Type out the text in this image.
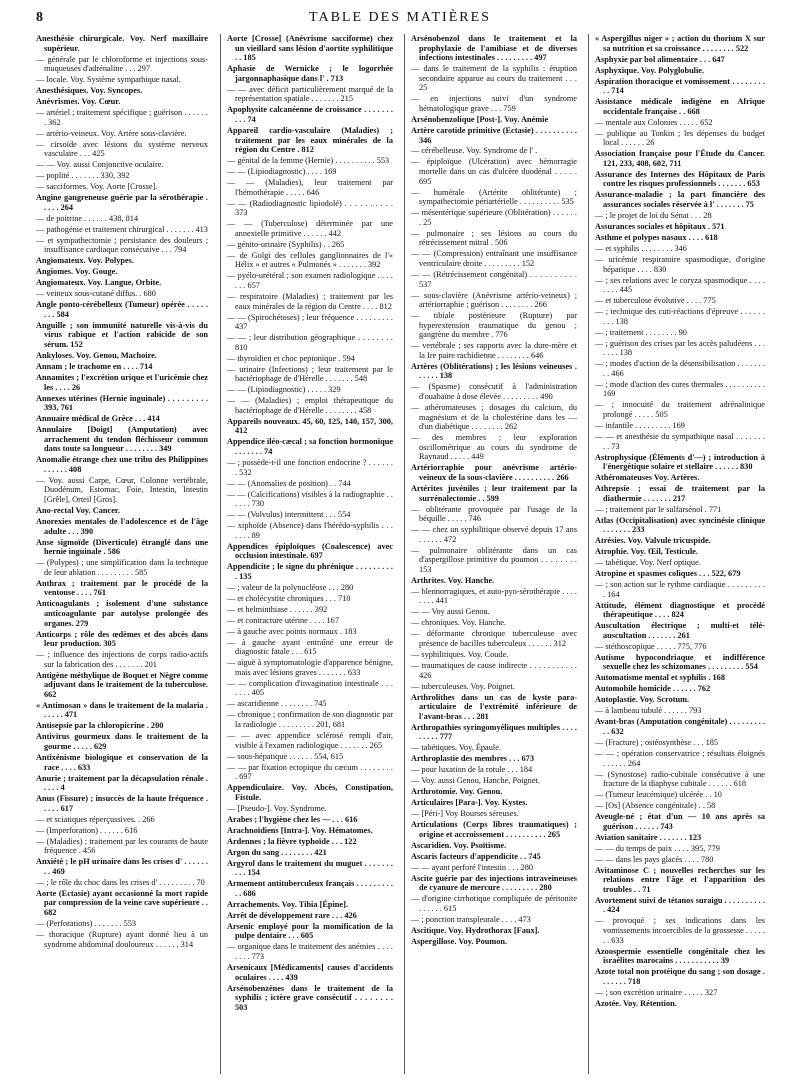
8	TABLE DES MATIÈRES
Anesthésie chirurgicale. Voy. Nerf maxillaire supérieur.
— générale par le chloroforme et injections sous-muqueuses d'adrénaline . . . 297
— locale. Voy. Système sympathique nasal.
Anesthésiques. Voy. Syncopes.
Anévrismes. Voy. Cœur.
— artériel ; traitement spécifique ; guérison . . . . . . . 362
— artério-veineux. Voy. Artère sous-clavière.
— cirsoïde avec lésions du système nerveux vasculaire . . . 425
— — Voy. aussi Conjonctive oculaire.
— poplité . . . . . . . 330, 392
— sacciformes. Voy. Aorte [Crosse].
Angine gangreneuse guérie par la sérothérapie . . . . . 264
— de poitrine . . . . . . 438, 814
— pathogénie et traitement chirurgical . . . . . . . 413
— et sympathectomie ; persistance des douleurs ; insuffisance cardiaque consécutive . . . 794
Angiomateux. Voy. Polypes.
Angiomes. Voy. Gouge.
Angiomateux. Voy. Langue, Orbite.
— veineux sous-cutané diffus. . 680
Angle ponto-cérébelleux (Tumeur) opérée . . . . . . . . 584
Anguille ; son immunité naturelle vis-à-vis du virus rabique et l'action rabicide de son sérum. 152
Ankyloses. Voy. Genou, Machoire.
Annam ; le trachome en . . . . 714
Annamites ; l'excrétion urique et l'uricémie chez les . . . . 26
Annexes utérines (Hernie inguinale) . . . . . . . . . 393, 761
Annuaire médical de Grèce . . . 414
Annulaire [Doigt] (Amputation) avec arrachement du tendon fléchisseur commun dans toute sa longueur . . . . . . . . 349
Anomalie étrange chez une tribu des Philippines . . . . . . 408
— Voy. aussi Carpe, Cœur, Colonne vertébrale, Duodénum, Estomac, Foie, Intestin, Intestin [Grêle], Orteil [Gros].
Ano-rectal Voy. Cancer.
Anorexies mentales de l'adolescence et de l'âge adulte . . . 390
Anse sigmoïde (Diverticule) étranglé dans une hernie inguinale . 586
— (Polypes) ; une simplification dans la technique de leur ablation . . . . . . . . . 585
Anthrax ; traitement par le procédé de la ventouse . . . . 761
Anticoagulants ; isolement d'une substance anticoagulante par autolyse prolongée des organes. 279
Anticorps ; rôle des œdèmes et des abcès dans leur production. 305
— ; influence des injections de corps radio-actifs sur la fabrication des . . . . . . . 201
Antigène méthylique de Boquet et Nègre comme adjuvant dans le traitement de la tuberculose. 662
« Antimosan » dans le traitement de la malaria . . . . . . 471
Antisepsie par la chloropicrine . 200
Antivirus gourmeux dans le traitement de la gourme . . . . . 629
Antixénisme biologique et conservation de la race . . . . 633
Anurie ; traitement par la décapsulation rénale . . . . . 4
Anus (Fissure) ; insuccès de la haute fréquence . . . . . 617
— et sciatiques réperçussives. . 266
— (Imperforation) . . . . . . 616
— (Maladies) ; traitement par les courants de haute fréquence . 456
Anxiété ; le pH urinaire dans les crises d' . . . . . . . . 469
— ; le rôle du choc dans les crises d' . . . . . . . . . 70
Aorte (Ectasie) ayant occasionné la mort rapide par compression de la veine cave supérieure . . 682
— (Perforations) . . . . . . . 553
— thoracique (Rupture) ayant donné lieu à un syndrome abdominal douloureux . . . . . . 314
Aorte [Crosse] (Anévrisme sacciforme) chez un vieillard sans lésion d'aortite syphilitique . . 185
Aphasie de Wernicke ; le logorrhée jargonnaphasique dans l' . 713
— — avec déficit particulièrement marqué de la représentation spatiale . . . . . . . 215
Apophysite calcanéenne de croissance . . . . . . . . . . 74
Appareil cardio-vasculaire (Maladies) ; traitement par les eaux minérales de la région du Centre . 812
— génital de la femme (Hernie) . . . . . . . . . . 553
— — (Lipiodiagnostic) . . . . 169
— — (Maladies), leur traitement par l'hémothérapie . . . . . 646
— — (Radiodiagnostic lipiodolé) . . . . . . . . . . 373
— — (Tuberculose) déterminée par une annexielle primitive . . . . . . 442
— génito-urinaire (Syphilis) . . 265
— de Golgi des cellules ganglionnaires de l'« Hélix » et autres « Pulmonés » . . . . . . . 392
— pyélo-urétéral ; son examen radiologique . . . . . . . 657
— respiratoire (Maladies) ; traitement par les eaux minérales de la région du Centre . . . . 812
— — (Spirochétoses) ; leur fréquence . . . . . . . . . 437
— — ; leur distribution géographique . . . . . . . . 810
— thyroïdien et choc peptonique . 594
— urinaire (Infections) ; leur traitement par le bactériophage de d'Hérelle . . . . . . . 548
— — (Lipiodiagnostic) . . . . . 329
— — (Maladies) ; emploi thérapeutique du bactériophage de d'Hérelle . . . . . . . . 458
Appareils nouveaux. 45, 60, 125, 140, 157, 300, 412
Appendice iléo-cæcal ; sa fonction hormonique . . . . . . . 74
— ; possède-t-il une fonction endocrine ? . . . . . . . 532
— — (Anomalies de position) . . 744
— — (Calcifications) visibles à la radiographie . . . . . . 730
— — (Volvulus) intermittent . . . 554
— xiphoïde (Absence) dans l'hérédo-syphilis . . . . . . . 89
Appendices épiploïques (Coalescence) avec occlusion intestinale. 697
Appendicite ; le signe du phrénique . . . . . . . . . . 135
— ; valeur de la polynucléose . . . 280
— et cholécystite chroniques . . . 710
— et helminthiase . . . . . . 392
— et contracture utérine . . . . 167
— à gauche avec points normaux . 183
— à gauche ayant entraîné une erreur de diagnostic fatale . . . 615
— aiguë à symptomatologie d'apparence bénigne, mais avec lésions graves . . . . . . . 633
— — complication d'invagination intestinale . . . . . . . 405
— ascaridienne . . . . . . . . 745
— chronique ; confirmation de son diagnostic par la radiologie . . . . . . . . . 201, 681
— — avec appendice sclérosé rempli d'air, visible à l'examen radiologique . . . . . . . 265
— sous-hépatique . . . . . . 554, 615
— — par fixation ectopique du cæcum . . . . . . . . . 697
Appendiculaire. Voy. Abcès, Constipation, Fistule.
— [Pseudo-]. Voy. Syndrome.
Arabes ; l'hygiène chez les — . . . 616
Arachnoïdiens [Intra-]. Voy. Hématomes.
Ardennes ; la fièvre typhoïde . . . 122
Argon du sang . . . . . . . . 421
Argyrol dans le traitement du muguet . . . . . . . . . . 154
Armement antituberculeux français . . . . . . . . . . . 686
Arrachements. Voy. Tibia [Épine].
Arrêt de développement rare . . . 426
Arsenic employé pour la momification de la pulpe dentaire . . . 605
— organique dans le traitement des anémies . . . . . . . . 773
Arsenicaux [Médicaments] causes d'accidents oculaires . . . . 439
Arsénobenzènes dans le traitement de la syphilis ; ictère grave consécutif . . . . . . . . 503
Arsénobenzol dans le traitement et la prophylaxie de l'amibiase et de diverses infections intestinales . . . . . . . . . 497
— dans le traitement de la syphilis : éruption secondaire apparue au cours du traitement . . . 25
— en injections suivi d'un syndrome hématologique grave . . . 759
Arsénobenzolique [Post-]. Voy. Anémie
Artère carotide primitive (Ectasie) . . . . . . . . . . 346
— cérébelleuse. Voy. Syndrome de l' .
— épiploïque (Ulcération) avec hémorragie mortelle dans un cas d'ulcère duodénal . . . . . 695
— humérale (Artérite oblitérante) ; sympathectomie périartérielle . . . . . . . . . . 535
— mésentérique supérieure (Oblitération) . . . . . . . 25
— pulmonaire ; ses lésions au cours du rétrécissement mitral . 506
— — (Compression) entraînant une insuffisance ventriculaire droite . . . . . . . . . 152
— — (Rétrécissement congénital) . . . . . . . . . . 537
— sous-clavière (Anévrisme artério-veineux) ; artériorraphie ; guérison . . . . . . . . 266
— tibiale postérieure (Rupture) par hyperextension traumatique du genou ; gangrène du membre . 776
— vertébrale ; ses rapports avec la dure-mère et la Ire paire rachidienne . . . . . . . . 646
Artères (Oblitérations) ; les lésions veineuses . . . . . . 138
— (Spasme) consécutif à l'administration d'ouabaïne à dose élevée . . . . . . . . . 490
— athéromateuses ; dosages du calcium, du magnésium et de la cholestérine dans les — d'un diabétique . . . . . . . . 262
— des membres ; leur exploration oscillométrique au cours du syndrome de Raynaud . . . . . 449
Artériorraphie pour anévrisme artério-veineux de la sous-clavière . . . . . . . . . . 266
Artérites juvéniles ; leur traitement par la surrénalectomie . . 599
— oblitérante provoquée par l'usage de la béquille . . . . . 746
— — chez un syphilitique observé depuis 17 ans . . . . . . 472
— pulmonaire oblitérante dans un cas d'aspergillose primitive du poumon . . . . . . . . 153
Arthrites. Voy. Hanche.
— blennorragiques, et auto-pyo-sérothérapie . . . . . . . . 441
— — Voy aussi Genou.
— chroniques. Voy. Hanche.
— déformante chronique tuberculeuse avec présence de bacilles tuberculeux . . . . . . 312
— syphilitiques. Voy. Coude.
— traumatiques de cause indirecte . . . . . . . . . . . 426
— tuberculeuses. Voy. Poignet.
Arthrolithes dans un cas de kyste para-articulaire de l'extrémité inférieure de l'avant-bras . . . 281
Arthropathies syringomyéliques multiples . . . . . . . . . 777
— tabétiques. Voy. Épaule.
Arthroplastie des membres . . . 673
— pour luxation de la rotule . . . 184
— Voy. aussi Genou, Hanche, Poignet.
Arthrotomie. Voy. Genou.
Articulaires [Para-]. Voy. Kystes.
— [Péri-] Voy Bourses séreuses.
Articulations (Corps libres traumatiques) ; origine et accroissement . . . . . . . . . . 265
Ascaridien. Voy. Psoïtisme.
Ascaris facteurs d'appendicite . . 745
— — ayant perforé l'intestin . . . 280
Ascite guérie par des injections intraveineuses de cyanure de mercure . . . . . . . . . 280
— d'origine cirrhotique compliquée de péritonite . . . . . . 615
— ; ponction transpleurale . . . . 473
Ascitique. Voy. Hydrothorax [Faux].
Aspergillose. Voy. Poumon.
« Aspergillus niger » ; action du thorium X sur sa nutrition et sa croissance . . . . . . . . 522
Asphyxie par bol alimentaire . . . 647
Asphyxique. Voy. Polyglobulie.
Aspiration thoracique et vomissement . . . . . . . . . . 714
Assistance médicale indigène en Afrique occidentale française . . 668
— mentale aux Colonies . . . . . 652
— publique au Tonkin ; les dépenses du budget local . . . . . . 26
Association française pour l'Étude du Cancer. 121, 233, 408, 602, 711
Assurance des Internes des Hôpitaux de Paris contre les risques professionnels . . . . . . . 653
Assurance-maladie ; la part financière des assurances sociales réservée à l' . . . . . . . 75
— ; le projet de loi du Sénat . . . 28
Assurances sociales et hôpitaux . 571
Asthme et polypes nasaux . . . . 618
— et syphilis . . . . . . . . 346
— uricémie respiratoire spasmodique, d'origine hépatique . . . . 830
— ; ses relations avec le coryza spasmodique . . . . . . . . 445
— et tuberculose évolutive . . . . 775
— ; technique des cuti-réactions d'épreuve . . . . . . . . . 138
— ; traitement . . . . . . . . 90
— ; guérison des crises par les accès paludéens . . . . . . . 138
— ; modes d'action de la désensibilisation . . . . . . . . . 466
— ; mode d'action des cures thermales . . . . . . . . . . 169
— ; innocuité du traitement adrénalinique prolongé . . . . . 505
— infantile . . . . . . . . . 169
— — et anesthésie du sympathique nasal . . . . . . . . . 73
Astrophysique (Éléments d'—) ; introduction à l'énergétique solaire et stellaire . . . . . . 830
Athéromateuses Voy. Artères.
Athrepsie ; essai de traitement par la diathermie . . . . . . . 217
— ; traitement par le sulfarsénol . 771
Atlas (Occipitalisation) avec syncinésie clinique . . . . . . . 233
Atrésies. Voy. Valvule tricuspide.
Atrophie. Voy. Œil, Testicule.
— tabétique. Voy. Nerf optique.
Atropine et spasmes coliques . . . 522, 679
— ; son action sur le rythme cardiaque . . . . . . . . . . 164
Attitude, élément diagnostique et procédé thérapeutique . . . . 824
Auscultation électrique ; multi-et télé-auscultation . . . . . . . 261
— stéthoscopique . . . . . 775, 776
Autisme hypocondriaque et indifférence sexuelle chez les schizomanes . . . . . . . . . 554
Automatisme mental et syphilis . 168
Automobile homicide . . . . . . 762
Autoplastie. Voy. Scrotum.
— à lambeau tubulé . . . . . . 793
Avant-bras (Amputation congénitale) . . . . . . . . . . . 632
— (Fracture) ; ostéosynthèse . . . 185
— — ; opération conservatrice ; résultats éloignés . . . . . . 264
— (Synostose) radio-cubitale consécutive à une fracture de la diaphyse cubitale . . . . . . 618
— (Tumeur leucémique) ulcérée . . 10
— [Os] (Absence congénitale) . . 58
Aveugle-né ; état d'un — 10 ans après sa guérison . . . . . . 743
Aviation sanitaire . . . . . . . 123
— — du temps de paix . . . . 395, 779
— — dans les pays glacés . . . . 780
Avitaminose C ; nouvelles recherches sur les relations entre l'âge et l'apparition des troubles . . 71
Avortement suivi de tétanos suraigu . . . . . . . . . . . 424
— provoqué ; ses indications dans les vomissements incoercibles de la grossesse . . . . . . . 633
Azoospermie essentielle congénitale chez les israélites marocains . . . . . . . . . . . 39
Azote total non protéique du sang ; son dosage . . . . . . . 718
— ; son excrétion urinaire . . . . . 327
Azotée. Voy. Rétention.
